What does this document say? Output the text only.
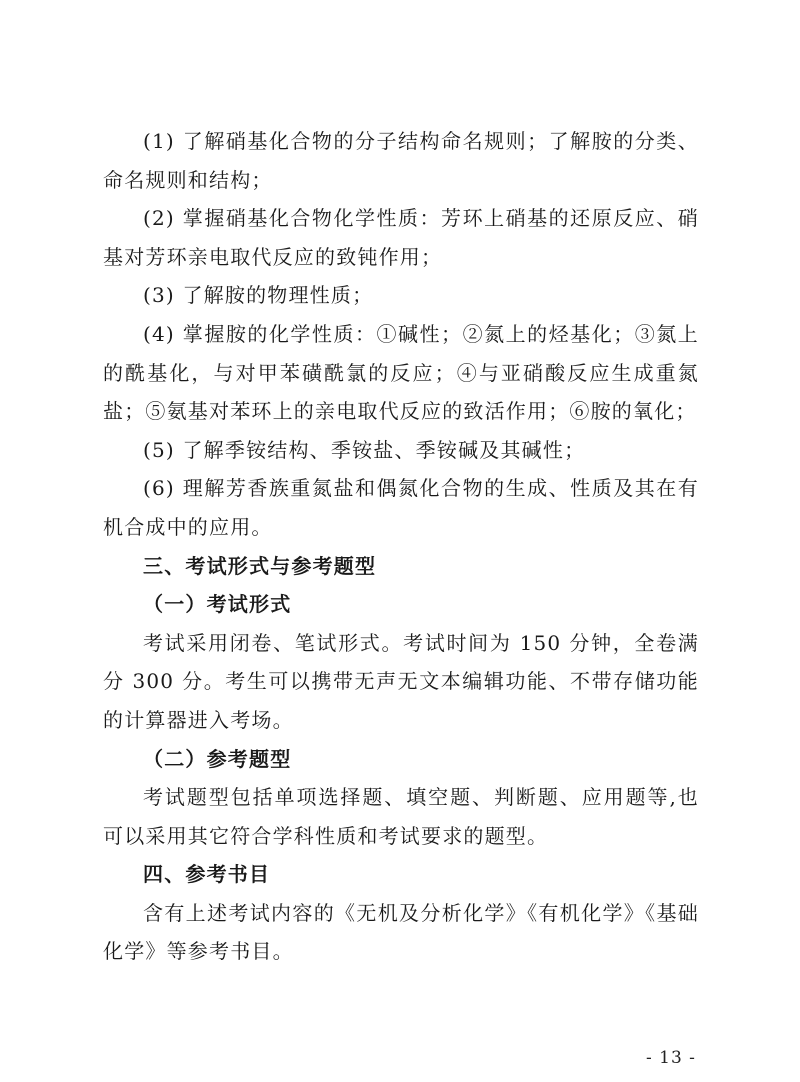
(1) 了解硝基化合物的分子结构命名规则；了解胺的分类、命名规则和结构；

(2) 掌握硝基化合物化学性质：芳环上硝基的还原反应、硝基对芳环亲电取代反应的致钝作用；

(3) 了解胺的物理性质；

(4) 掌握胺的化学性质：①碱性；②氮上的烃基化；③氮上的酰基化，与对甲苯磺酰氯的反应；④与亚硝酸反应生成重氮盐；⑤氨基对苯环上的亲电取代反应的致活作用；⑥胺的氧化；

(5) 了解季铵结构、季铵盐、季铵碱及其碱性；

(6) 理解芳香族重氮盐和偶氮化合物的生成、性质及其在有机合成中的应用。

三、考试形式与参考题型

（一）考试形式

考试采用闭卷、笔试形式。考试时间为 150 分钟，全卷满分 300 分。考生可以携带无声无文本编辑功能、不带存储功能的计算器进入考场。

（二）参考题型

考试题型包括单项选择题、填空题、判断题、应用题等,也可以采用其它符合学科性质和考试要求的题型。

四、参考书目

含有上述考试内容的《无机及分析化学》《有机化学》《基础化学》等参考书目。

- 13 -
